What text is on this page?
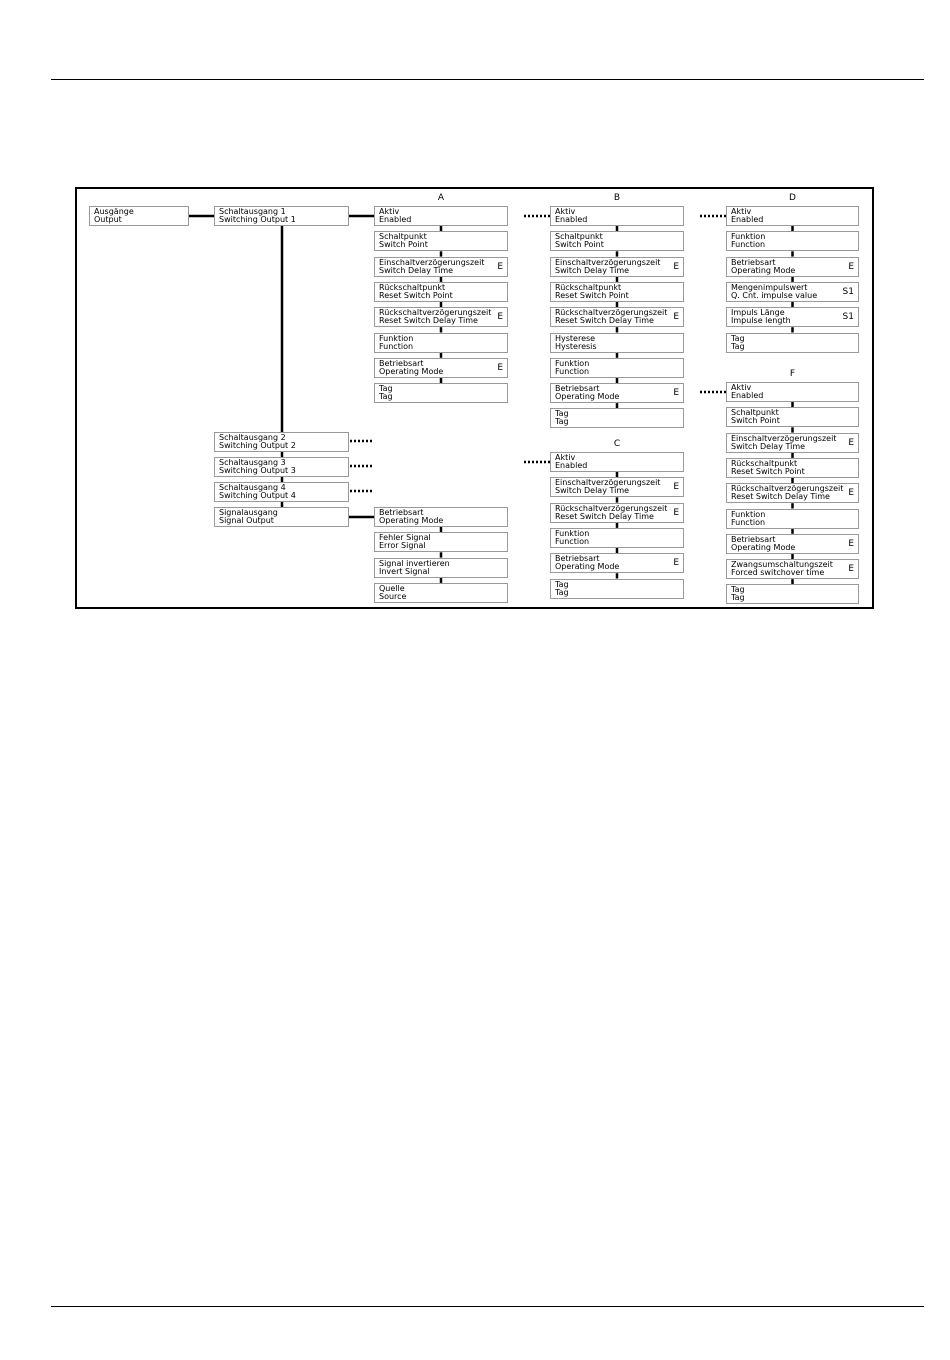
Ausgänge
Output
Schaltausgang 1
Switching Output 1
Schaltausgang 2
Switching Output 2
Schaltausgang 3
Switching Output 3
Schaltausgang 4
Switching Output 4
Signalausgang
Signal Output
Aktiv
Enabled
Schaltpunkt
Switch Point
Einschaltverzögerungszeit
Switch Delay Time	E
Rückschaltpunkt
Reset Switch Point
Rückschaltverzögerungszeit
Reset Switch Delay Time	E
Funktion
Function
Betriebsart
Operating Mode	E
Tag
Tag
A
Aktiv
Enabled
Schaltpunkt
Switch Point
Einschaltverzögerungszeit
Switch Delay Time	E
Rückschaltpunkt
Reset Switch Point
Rückschaltverzögerungszeit
Reset Switch Delay Time	E
Hysterese
Hysteresis
Funktion
Function
Betriebsart
Operating Mode	E
Tag
Tag
B
Aktiv
Enabled
Einschaltverzögerungszeit
Switch Delay Time	E
Rückschaltverzögerungszeit
Reset Switch Delay Time	E
Funktion
Function
Betriebsart
Operating Mode	E
Tag
Tag
C
Aktiv
Enabled
Funktion
Function
Betriebsart
Operating Mode	E
Mengenimpulswert
Q. Cnt. impulse value	S1
Impuls Länge
Impulse length	S1
Tag
Tag
D
Aktiv
Enabled
Schaltpunkt
Switch Point
Einschaltverzögerungszeit
Switch Delay Time	E
Rückschaltpunkt
Reset Switch Point
Rückschaltverzögerungszeit
Reset Switch Delay Time	E
Funktion
Function
Betriebsart
Operating Mode	E
Zwangsumschaltungszeit
Forced switchover time	E
Tag
Tag
F
Betriebsart
Operating Mode
Fehler Signal
Error Signal
Signal invertieren
Invert Signal
Quelle
Source
